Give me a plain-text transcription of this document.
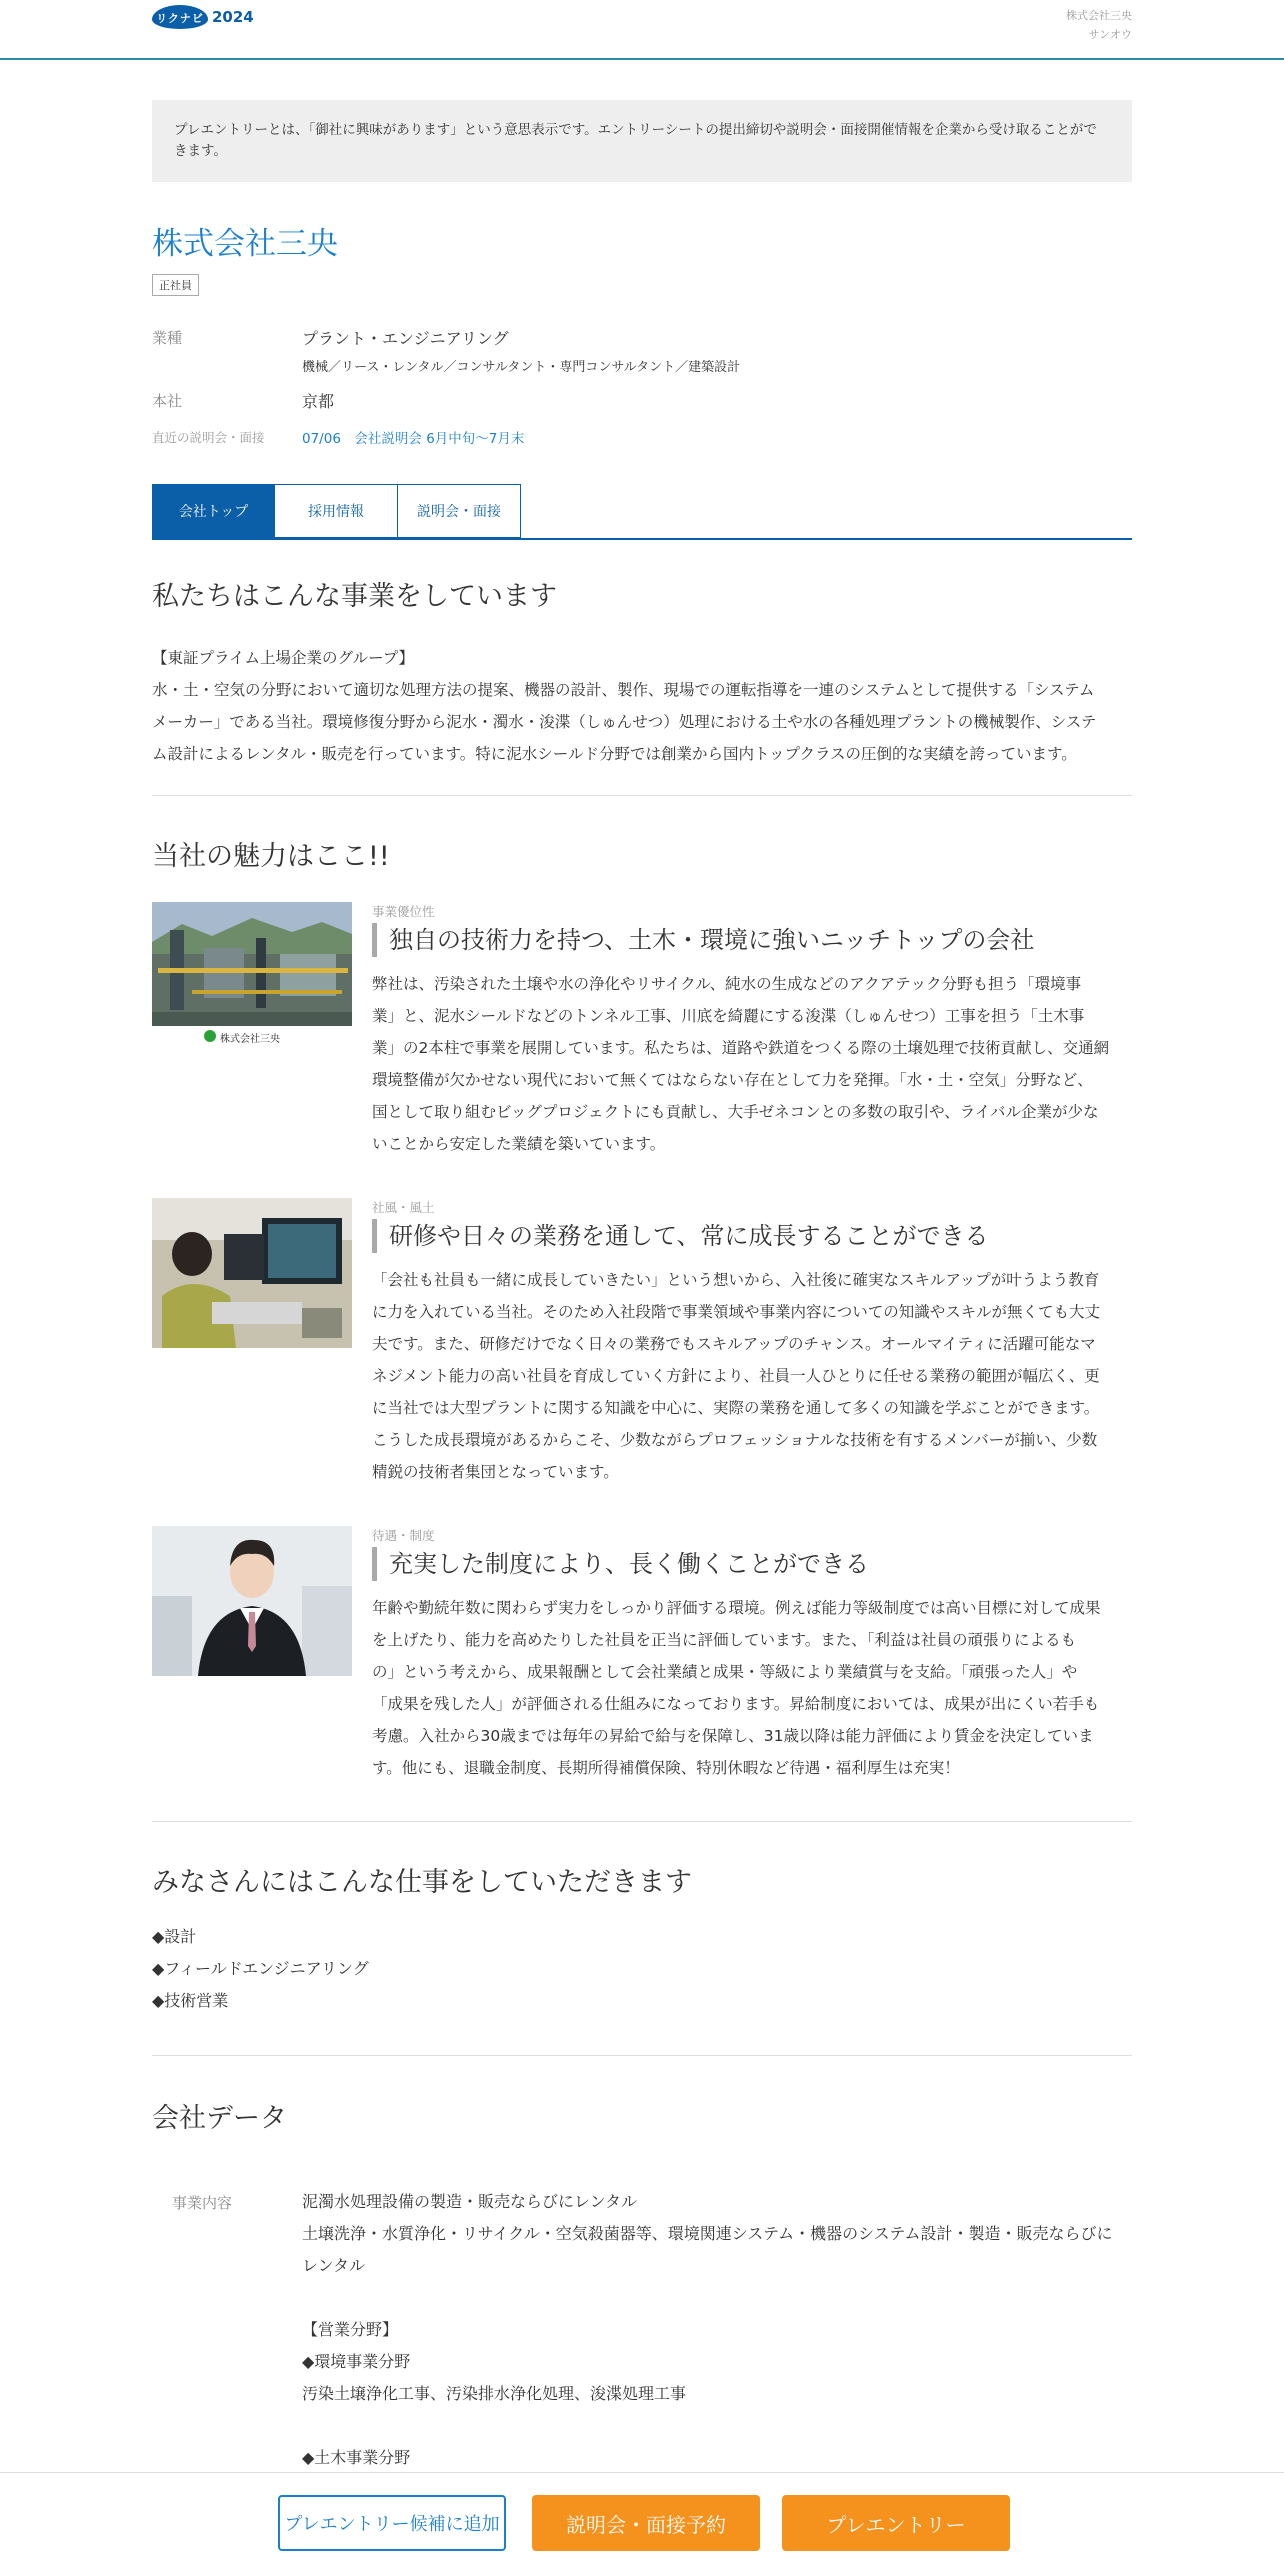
リクナビ 2024	株式会社三央
サンオウ
プレエントリーとは、「御社に興味があります」という意思表示です。エントリーシートの提出締切や説明会・面接開催情報を企業から受け取ることができます。
株式会社三央
正社員
業種	プラント・エンジニアリング
機械／リース・レンタル／コンサルタント・専門コンサルタント／建築設計
本社	京都
直近の説明会・面接	07/06　会社説明会 6月中旬〜7月末
会社トップ	採用情報	説明会・面接
私たちはこんな事業をしています
【東証プライム上場企業のグループ】
水・土・空気の分野において適切な処理方法の提案、機器の設計、製作、現場での運転指導を一連のシステムとして提供する「システム
メーカー」である当社。環境修復分野から泥水・濁水・浚渫（しゅんせつ）処理における土や水の各種処理プラントの機械製作、システ
ム設計によるレンタル・販売を行っています。特に泥水シールド分野では創業から国内トップクラスの圧倒的な実績を誇っています。
当社の魅力はここ!!
株式会社三央
事業優位性
独自の技術力を持つ、土木・環境に強いニッチトップの会社
弊社は、汚染された土壌や水の浄化やリサイクル、純水の生成などのアクアテック分野も担う「環境事
業」と、泥水シールドなどのトンネル工事、川底を綺麗にする浚渫（しゅんせつ）工事を担う「土木事
業」の2本柱で事業を展開しています。私たちは、道路や鉄道をつくる際の土壌処理で技術貢献し、交通網
環境整備が欠かせない現代において無くてはならない存在として力を発揮。「水・土・空気」分野など、
国として取り組むビッグプロジェクトにも貢献し、大手ゼネコンとの多数の取引や、ライバル企業が少な
いことから安定した業績を築いています。
社風・風土
研修や日々の業務を通して、常に成長することができる
「会社も社員も一緒に成長していきたい」という想いから、入社後に確実なスキルアップが叶うよう教育
に力を入れている当社。そのため入社段階で事業領域や事業内容についての知識やスキルが無くても大丈
夫です。また、研修だけでなく日々の業務でもスキルアップのチャンス。オールマイティに活躍可能なマ
ネジメント能力の高い社員を育成していく方針により、社員一人ひとりに任せる業務の範囲が幅広く、更
に当社では大型プラントに関する知識を中心に、実際の業務を通して多くの知識を学ぶことができます。
こうした成長環境があるからこそ、少数ながらプロフェッショナルな技術を有するメンバーが揃い、少数
精鋭の技術者集団となっています。
待遇・制度
充実した制度により、長く働くことができる
年齢や勤続年数に関わらず実力をしっかり評価する環境。例えば能力等級制度では高い目標に対して成果
を上げたり、能力を高めたりした社員を正当に評価しています。また、「利益は社員の頑張りによるも
の」という考えから、成果報酬として会社業績と成果・等級により業績賞与を支給。「頑張った人」や
「成果を残した人」が評価される仕組みになっております。昇給制度においては、成果が出にくい若手も
考慮。入社から30歳までは毎年の昇給で給与を保障し、31歳以降は能力評価により賃金を決定していま
す。他にも、退職金制度、長期所得補償保険、特別休暇など待遇・福利厚生は充実！
みなさんにはこんな仕事をしていただきます
◆設計
◆フィールドエンジニアリング
◆技術営業
会社データ
事業内容	泥濁水処理設備の製造・販売ならびにレンタル
土壌洗浄・水質浄化・リサイクル・空気殺菌器等、環境関連システム・機器のシステム設計・製造・販売ならびに
レンタル
【営業分野】
◆環境事業分野
汚染土壌浄化工事、汚染排水浄化処理、浚渫処理工事
◆土木事業分野
プレエントリー候補に追加	説明会・面接予約	プレエントリー
